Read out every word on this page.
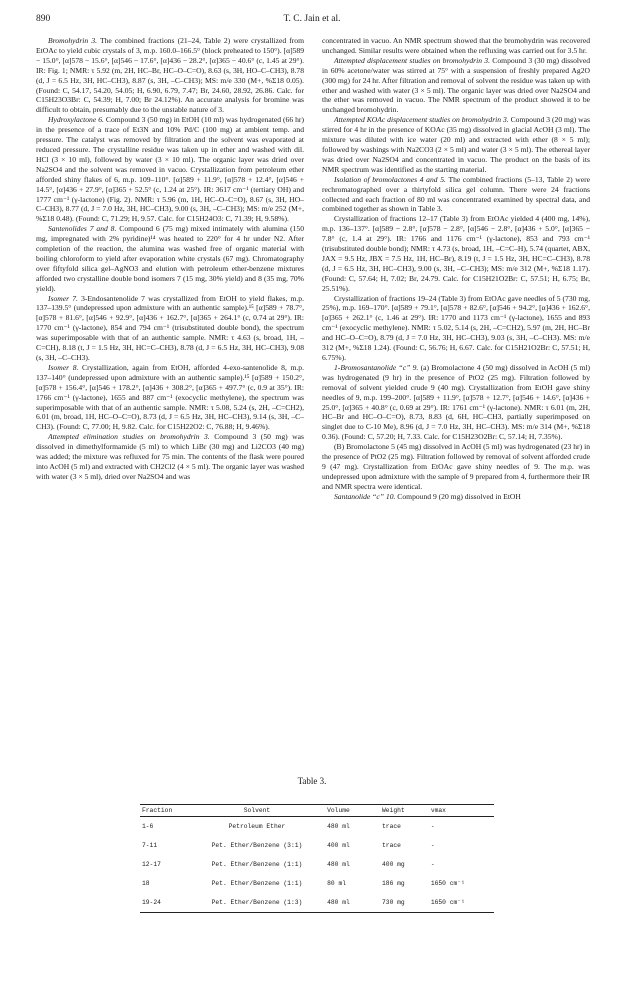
890	T. C. Jain et al.

Bromohydrin 3. The combined fractions (21–24, Table 2) were crystallized from EtOAc to yield cubic crystals of 3, m.p. 160.0–166.5° (block preheated to 150°). [α]589 − 15.0°, [α]578 − 15.6°, [α]546 − 17.6°, [α]436 − 28.2°, [α]365 − 40.6° (c, 1.45 at 29°). IR: Fig. 1; NMR: τ 5.92 (m, 2H, HC–Br, HC–O–C=O), 8.63 (s, 3H, HO–C–CH3), 8.78 (d, J = 6.5 Hz, 3H, HC–CH3), 8.87 (s, 3H, –C–CH3); MS: m/e 330 (M+, %Σ18 0.05). (Found: C, 54.17, 54.20, 54.05; H, 6.90, 6.79, 7.47; Br, 24.60, 28.92, 26.86. Calc. for C15H23O3Br: C, 54.39; H, 7.00; Br 24.12%). An accurate analysis for bromine was difficult to obtain, presumably due to the unstable nature of 3.

Hydroxylactone 6. Compound 3 (50 mg) in EtOH (10 ml) was hydrogenated (66 hr) in the presence of a trace of Et3N and 10% Pd/C (100 mg) at ambient temp. and pressure. The catalyst was removed by filtration and the solvent was evaporated at reduced pressure. The crystalline residue was taken up in ether and washed with dil. HCl (3 × 10 ml), followed by water (3 × 10 ml). The organic layer was dried over Na2SO4 and the solvent was removed in vacuo. Crystallization from petroleum ether afforded shiny flakes of 6, m.p. 109–110°. [α]589 + 11.9°, [α]578 + 12.4°, [α]546 + 14.5°, [α]436 + 27.9°, [α]365 + 52.5° (c, 1.24 at 25°). IR: 3617 cm⁻¹ (tertiary OH) and 1777 cm⁻¹ (γ-lactone) (Fig. 2). NMR: τ 5.96 (m, 1H, HC–O–C=O), 8.67 (s, 3H, HO–C–CH3), 8.77 (d, J = 7.0 Hz, 3H, HC–CH3), 9.00 (s, 3H, –C–CH3); MS: m/e 252 (M+, %Σ18 0.48). (Found: C, 71.29; H, 9.57. Calc. for C15H24O3: C, 71.39; H, 9.58%).

Santenolides 7 and 8. Compound 6 (75 mg) mixed intimately with alumina (150 mg, impregnated with 2% pyridine)¹⁴ was heated to 220° for 4 hr under N2. After completion of the reaction, the alumina was washed free of organic material with boiling chloroform to yield after evaporation white crystals (67 mg). Chromatography over fiftyfold silica gel–AgNO3 and elution with petroleum ether-benzene mixtures afforded two crystalline double bond isomers 7 (15 mg, 30% yield) and 8 (35 mg, 70% yield).

Isomer 7. 3-Endosantenolide 7 was crystallized from EtOH to yield flakes, m.p. 137–139.5° (undepressed upon admixture with an authentic sample).¹⁵ [α]589 + 78.7°, [α]578 + 81.6°, [α]546 + 92.9°, [α]436 + 162.7°, [α]365 + 264.1° (c, 0.74 at 29°). IR: 1770 cm⁻¹ (γ-lactone), 854 and 794 cm⁻¹ (trisubstituted double bond), the spectrum was superimposable with that of an authentic sample. NMR: τ 4.63 (s, broad, 1H, –C=CH), 8.18 (t, J = 1.5 Hz, 3H, HC=C–CH3), 8.78 (d, J = 6.5 Hz, 3H, HC–CH3), 9.08 (s, 3H, –C–CH3).

Isomer 8. Crystallization, again from EtOH, afforded 4-exo-santenolide 8, m.p. 137–140° (undepressed upon admixture with an authentic sample).¹⁵ [α]589 + 150.2°, [α]578 + 156.4°, [α]546 + 178.2°, [α]436 + 308.2°, [α]365 + 497.7° (c, 0.9 at 35°). IR: 1766 cm⁻¹ (γ-lactone), 1655 and 887 cm⁻¹ (exocyclic methylene), the spectrum was superimposable with that of an authentic sample. NMR: τ 5.08, 5.24 (s, 2H, –C=CH2), 6.01 (m, broad, 1H, HC–O–C=O), 8.73 (d, J = 6.5 Hz, 3H, HC–CH3), 9.14 (s, 3H, –C–CH3). (Found: C, 77.00; H, 9.82. Calc. for C15H22O2: C, 76.88; H, 9.46%).

Attempted elimination studies on bromohydrin 3. Compound 3 (50 mg) was dissolved in dimethylformamide (5 ml) to which LiBr (30 mg) and Li2CO3 (40 mg) was added; the mixture was refluxed for 75 min. The contents of the flask were poured into AcOH (5 ml) and extracted with CH2Cl2 (4 × 5 ml). The organic layer was washed with water (3 × 5 ml), dried over Na2SO4 and was

concentrated in vacuo. An NMR spectrum showed that the bromohydrin was recovered unchanged. Similar results were obtained when the refluxing was carried out for 3.5 hr.

Attempted displacement studies on bromohydrin 3. Compound 3 (30 mg) dissolved in 60% acetone/water was stirred at 75° with a suspension of freshly prepared Ag2O (300 mg) for 24 hr. After filtration and removal of solvent the residue was taken up with ether and washed with water (3 × 5 ml). The organic layer was dried over Na2SO4 and the ether was removed in vacuo. The NMR spectrum of the product showed it to be unchanged bromohydrin.

Attempted KOAc displacement studies on bromohydrin 3. Compound 3 (20 mg) was stirred for 4 hr in the presence of KOAc (35 mg) dissolved in glacial AcOH (3 ml). The mixture was diluted with ice water (20 ml) and extracted with ether (8 × 5 ml); followed by washings with Na2CO3 (2 × 5 ml) and water (3 × 5 ml). The ethereal layer was dried over Na2SO4 and concentrated in vacuo. The product on the basis of its NMR spectrum was identified as the starting material.

Isolation of bromolactones 4 and 5. The combined fractions (5–13, Table 2) were rechromatographed over a thirtyfold silica gel column. There were 24 fractions collected and each fraction of 80 ml was concentrated examined by spectral data, and combined together as shown in Table 3.

Crystallization of fractions 12–17 (Table 3) from EtOAc yielded 4 (400 mg, 14%), m.p. 136–137°. [α]589 − 2.8°, [α]578 − 2.8°, [α]546 − 2.8°, [α]436 + 5.0°, [α]365 − 7.8° (c, 1.4 at 29°). IR: 1766 and 1176 cm⁻¹ (γ-lactone), 853 and 793 cm⁻¹ (trisubstituted double bond); NMR: τ 4.73 (s, broad, 1H, –C=C–H), 5.74 (quartet, ABX, JAX = 9.5 Hz, JBX = 7.5 Hz, 1H, HC–Br), 8.19 (t, J = 1.5 Hz, 3H, HC=C–CH3), 8.78 (d, J = 6.5 Hz, 3H, HC–CH3), 9.00 (s, 3H, –C–CH3); MS: m/e 312 (M+, %Σ18 1.17). (Found: C, 57.64; H, 7.02; Br, 24.79. Calc. for C15H21O2Br: C, 57.51; H, 6.75; Br, 25.51%).

Crystallization of fractions 19–24 (Table 3) from EtOAc gave needles of 5 (730 mg, 25%), m.p. 169–170°. [α]589 + 79.1°, [α]578 + 82.6°, [α]546 + 94.2°, [α]436 + 162.6°, [α]365 + 262.1° (c, 1.46 at 29°). IR: 1770 and 1173 cm⁻¹ (γ-lactone), 1655 and 893 cm⁻¹ (exocyclic methylene). NMR: τ 5.02, 5.14 (s, 2H, –C=CH2), 5.97 (m, 2H, HC–Br and HC–O–C=O), 8.79 (d, J = 7.0 Hz, 3H, HC–CH3), 9.03 (s, 3H, –C–CH3). MS: m/e 312 (M+, %Σ18 1.24). (Found: C, 56.76; H, 6.67. Calc. for C15H21O2Br: C, 57.51; H, 6.75%).

1-Bromosantanolide “c” 9. (a) Bromolactone 4 (50 mg) dissolved in AcOH (5 ml) was hydrogenated (9 hr) in the presence of PtO2 (25 mg). Filtration followed by removal of solvent yielded crude 9 (40 mg). Crystallization from EtOH gave shiny needles of 9, m.p. 199–200°. [α]589 + 11.9°, [α]578 + 12.7°, [α]546 + 14.6°, [α]436 + 25.0°, [α]365 + 40.8° (c, 0.69 at 29°). IR: 1761 cm⁻¹ (γ-lactone). NMR: τ 6.01 (m, 2H, HC–Br and HC–O–C=O), 8.73, 8.83 (d, 6H, HC–CH3, partially superimposed on singlet due to C-10 Me), 8.96 (d, J = 7.0 Hz, 3H, HC–CH3). MS: m/e 314 (M+, %Σ18 0.36). (Found: C, 57.20; H, 7.33. Calc. for C15H23O2Br: C, 57.14; H, 7.35%).

(B) Bromolactone 5 (45 mg) dissolved in AcOH (5 ml) was hydrogenated (23 hr) in the presence of PtO2 (25 mg). Filtration followed by removal of solvent afforded crude 9 (47 mg). Crystallization from EtOAc gave shiny needles of 9. The m.p. was undepressed upon admixture with the sample of 9 prepared from 4, furthermore their IR and NMR spectra were identical.

Santanolide “c” 10. Compound 9 (20 mg) dissolved in EtOH

Table 3.
Fraction	Solvent	Volume	Weight	νmax
1-6	Petroleum Ether	480 ml	trace	-
7-11	Pet. Ether/Benzene (3:1)	400 ml	trace	-
12-17	Pet. Ether/Benzene (1:1)	480 ml	400 mg	-
18	Pet. Ether/Benzene (1:1)	80 ml	186 mg	1650 cm⁻¹
19-24	Pet. Ether/Benzene (1:3)	480 ml	730 mg	1650 cm⁻¹
